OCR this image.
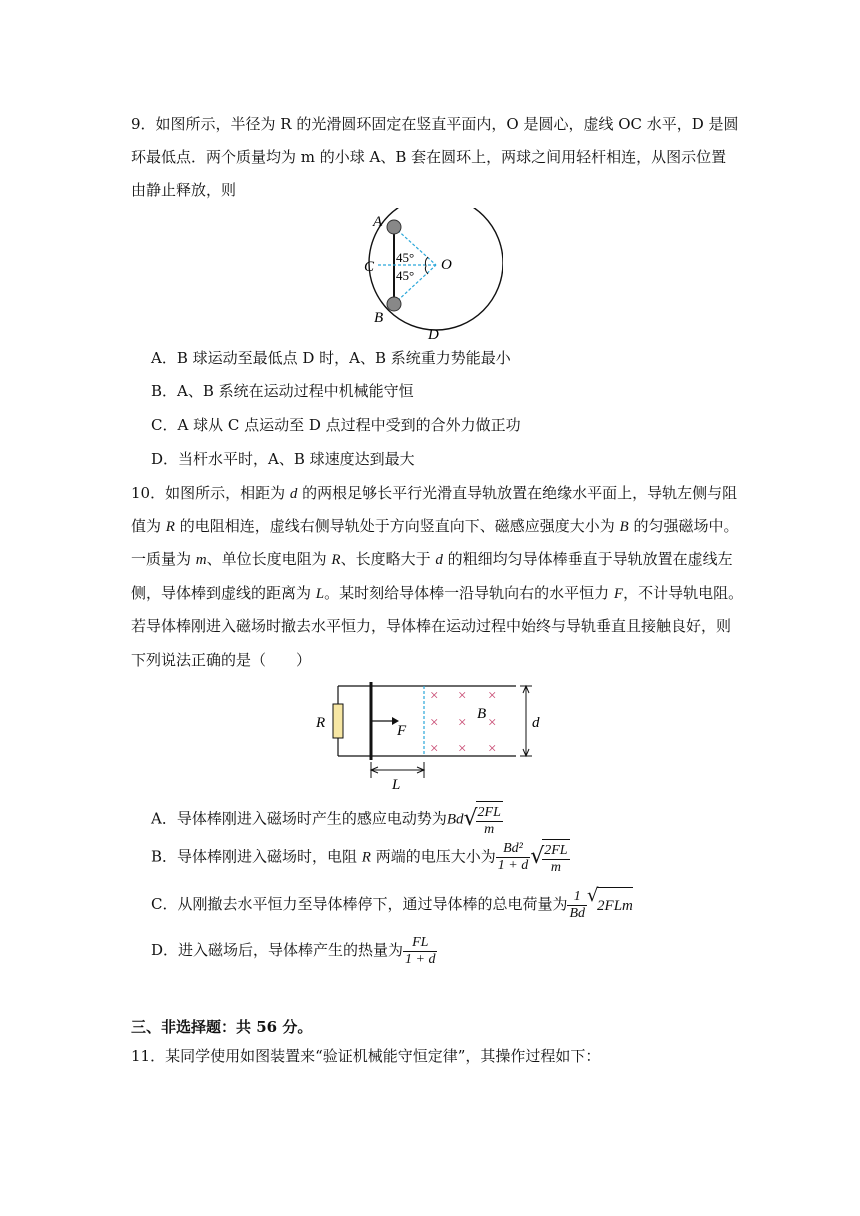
9．如图所示，半径为 R 的光滑圆环固定在竖直平面内，O 是圆心，虚线 OC 水平，D 是圆
环最低点．两个质量均为 m 的小球 A、B 套在圆环上，两球之间用轻杆相连，从图示位置
由静止释放，则
A
C
B
D
O
45°
45°
A．B 球运动至最低点 D 时，A、B 系统重力势能最小
B．A、B 系统在运动过程中机械能守恒
C．A 球从 C 点运动至 D 点过程中受到的合外力做正功
D．当杆水平时，A、B 球速度达到最大
10．如图所示，相距为 d 的两根足够长平行光滑直导轨放置在绝缘水平面上，导轨左侧与阻
值为 R 的电阻相连，虚线右侧导轨处于方向竖直向下、磁感应强度大小为 B 的匀强磁场中。
一质量为 m、单位长度电阻为 R、长度略大于 d 的粗细均匀导体棒垂直于导轨放置在虚线左
侧，导体棒到虚线的距离为 L。某时刻给导体棒一沿导轨向右的水平恒力 F，不计导轨电阻。
若导体棒刚进入磁场时撤去水平恒力，导体棒在运动过程中始终与导轨垂直且接触良好，则
下列说法正确的是（　　）
R	F
× × ×
× × ×
× × ×
B
d
L
A．导体棒刚进入磁场时产生的感应电动势为Bd √
$\frac{2FL}{m}$
B．导体棒刚进入磁场时，电阻 R 两端的电压大小为 $\frac{\text{Bd²}}{1 + d}$ √
$\frac{2FL}{m}$
C．从刚撤去水平恒力至导体棒停下，通过导体棒的总电荷量为 $\frac{1}{Bd}$ √
2FLm
D．进入磁场后，导体棒产生的热量为 $\frac{FL}{1 + d}$
三、非选择题：共 56 分。
11．某同学使用如图装置来“验证机械能守恒定律”，其操作过程如下：
